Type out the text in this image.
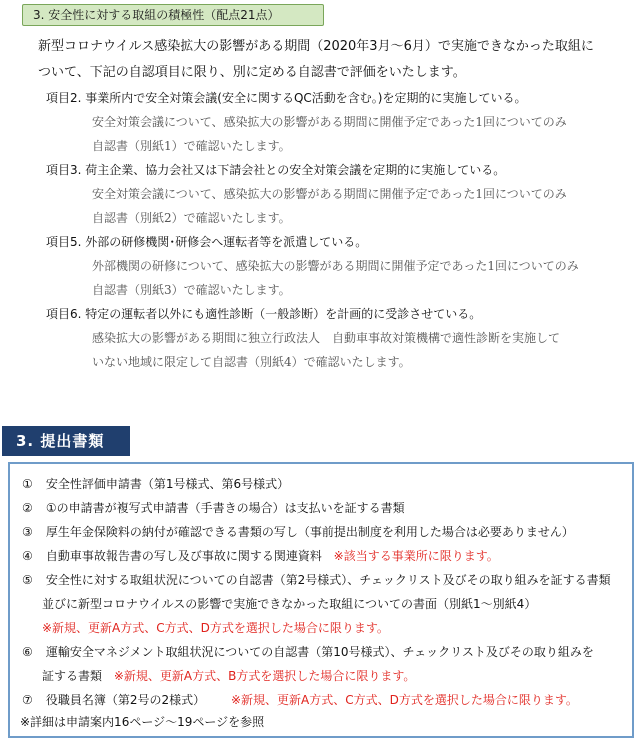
3. 安全性に対する取組の積極性（配点21点）
新型コロナウイルス感染拡大の影響がある期間（2020年3月～6月）で実施できなかった取組に
ついて、下記の自認項目に限り、別に定める自認書で評価をいたします。
項目2. 事業所内で安全対策会議(安全に関するQC活動を含む。)を定期的に実施している。
安全対策会議について、感染拡大の影響がある期間に開催予定であった1回についてのみ
自認書（別紙1）で確認いたします。
項目3. 荷主企業、協力会社又は下請会社との安全対策会議を定期的に実施している。
安全対策会議について、感染拡大の影響がある期間に開催予定であった1回についてのみ
自認書（別紙2）で確認いたします。
項目5. 外部の研修機関･研修会へ運転者等を派遣している。
外部機関の研修について、感染拡大の影響がある期間に開催予定であった1回についてのみ
自認書（別紙3）で確認いたします。
項目6. 特定の運転者以外にも適性診断（一般診断）を計画的に受診させている。
感染拡大の影響がある期間に独立行政法人　自動車事故対策機構で適性診断を実施して
いない地域に限定して自認書（別紙4）で確認いたします。
3. 提出書類
① 安全性評価申請書（第1号様式、第6号様式）
② ①の申請書が複写式申請書（手書きの場合）は支払いを証する書類
③ 厚生年金保険料の納付が確認できる書類の写し（事前提出制度を利用した場合は必要ありません）
④ 自動車事故報告書の写し及び事故に関する関連資料 ※該当する事業所に限ります。
⑤ 安全性に対する取組状況についての自認書（第2号様式）、チェックリスト及びその取り組みを証する書類
並びに新型コロナウイルスの影響で実施できなかった取組についての書面（別紙1～別紙4）
※新規、更新A方式、C方式、D方式を選択した場合に限ります。
⑥ 運輸安全マネジメント取組状況についての自認書（第10号様式）、チェックリスト及びその取り組みを
証する書類 ※新規、更新A方式、B方式を選択した場合に限ります。
⑦ 役職員名簿（第2号の2様式） ※新規、更新A方式、C方式、D方式を選択した場合に限ります。
※詳細は申請案内16ページ～19ページを参照
